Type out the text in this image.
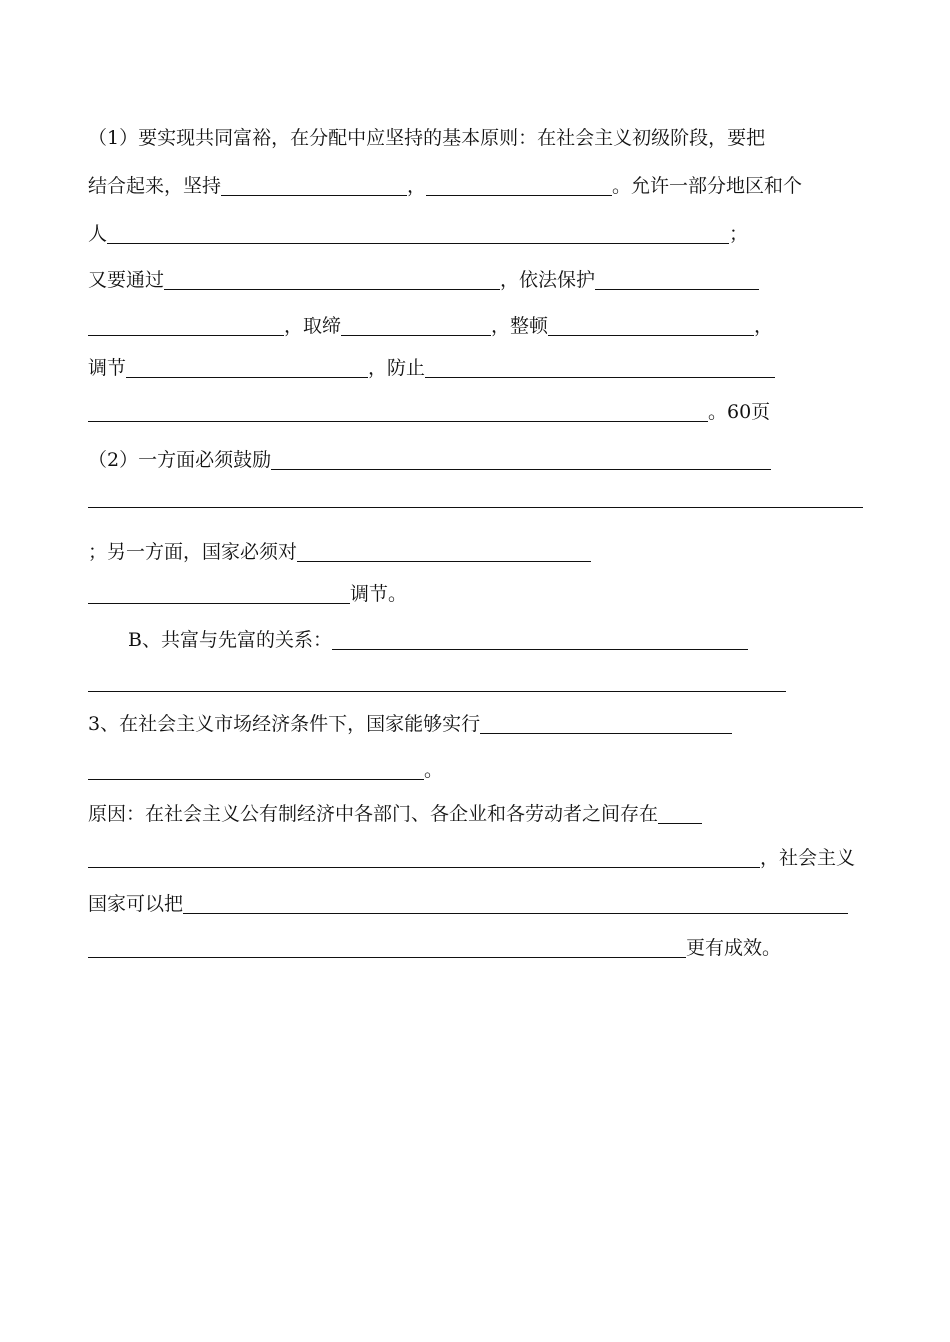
（1）要实现共同富裕，在分配中应坚持的基本原则：在社会主义初级阶段，要把
结合起来，坚持	，	。允许一部分地区和个
人	；
又要通过	，依法保护
，取缔	，整顿	，
调节	，防止
。60页
（2）一方面必须鼓励
；另一方面，国家必须对
调节。
B、共富与先富的关系：
3、在社会主义市场经济条件下，国家能够实行
。
原因：在社会主义公有制经济中各部门、各企业和各劳动者之间存在
，社会主义
国家可以把
更有成效。
